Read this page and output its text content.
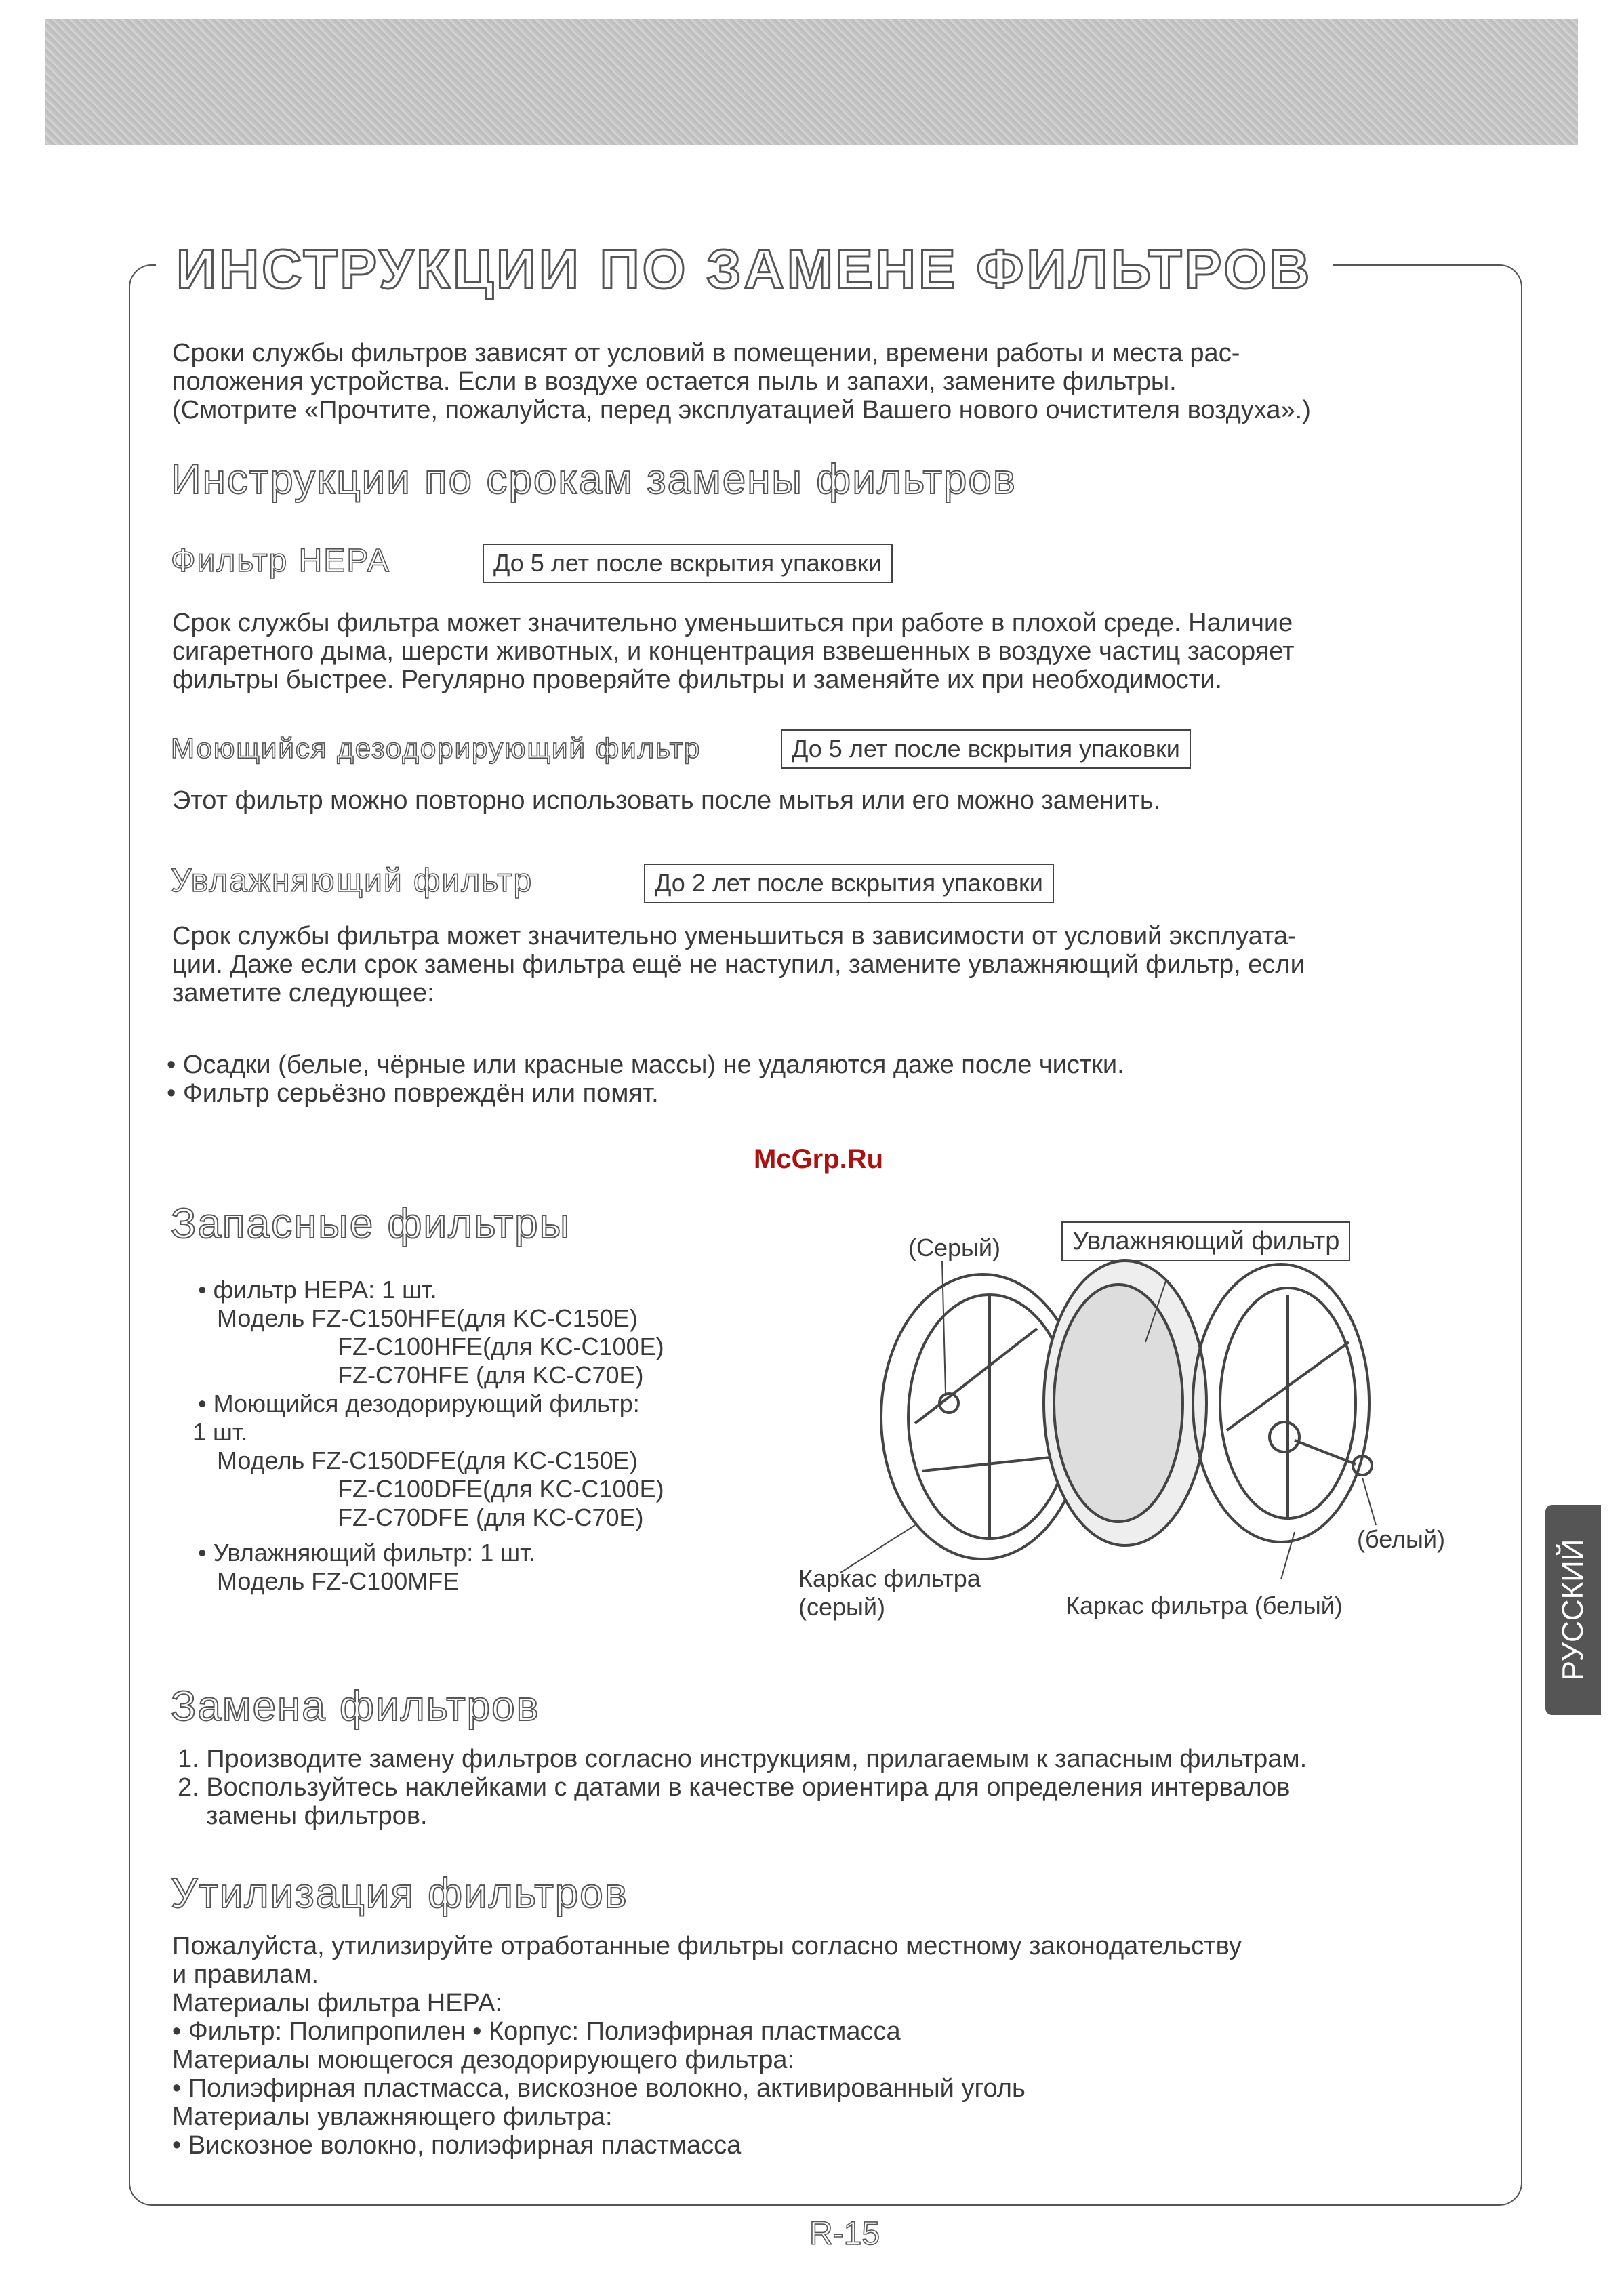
ИНСТРУКЦИИ ПО ЗАМЕНЕ ФИЛЬТРОВ

Сроки службы фильтров зависят от условий в помещении, времени работы и места рас-

положения устройства. Если в воздухе остается пыль и запахи, замените фильтры.

(Смотрите «Прочтите, пожалуйста, перед эксплуатацией Вашего нового очистителя воздуха».)

Инструкции по срокам замены фильтров
Фильтр HEPA	До 5 лет после вскрытия упаковки

Срок службы фильтра может значительно уменьшиться при работе в плохой среде. Наличие

сигаретного дыма, шерсти животных, и концентрация взвешенных в воздухе частиц засоряет

фильтры быстрее. Регулярно проверяйте фильтры и заменяйте их при необходимости.

Моющийся дезодорирующий фильтр	До 5 лет после вскрытия упаковки

Этот фильтр можно повторно использовать после мытья или его можно заменить.

Увлажняющий фильтр	До 2 лет после вскрытия упаковки

Срок службы фильтра может значительно уменьшиться в зависимости от условий эксплуата-

ции. Даже если срок замены фильтра ещё не наступил, замените увлажняющий фильтр, если

заметите следующее:

• Осадки (белые, чёрные или красные массы) не удаляются даже после чистки.
• Фильтр серьёзно повреждён или помят.
McGrp.Ru
Запасные фильтры
• фильтр HEPA: 1 шт.
Модель FZ-C150HFE(для KC-C150E)
FZ-C100HFE(для KC-C100E)
FZ-C70HFE (для KC-C70E)
• Моющийся дезодорирующий фильтр:
1 шт.
Модель FZ-C150DFE(для KC-C150E)
FZ-C100DFE(для KC-C100E)
FZ-C70DFE (для KC-C70E)
• Увлажняющий фильтр: 1 шт.
Модель FZ-C100MFE
(Серый)	Увлажняющий фильтр
(белый)
Каркас фильтра
(серый)	Каркас фильтра (белый)
Замена фильтров

1. Производите замену фильтров согласно инструкциям, прилагаемым к запасным фильтрам.

2. Воспользуйтесь наклейками с датами в качестве ориентира для определения интервалов

замены фильтров.

Утилизация фильтров

Пожалуйста, утилизируйте отработанные фильтры согласно местному законодательству

и правилам.

Материалы фильтра HEPA:

• Фильтр: Полипропилен • Корпус: Полиэфирная пластмасса

Материалы моющегося дезодорирующего фильтра:

• Полиэфирная пластмасса, вискозное волокно, активированный уголь

Материалы увлажняющего фильтра:

• Вискозное волокно, полиэфирная пластмасса

РУССКИЙ
R-15
